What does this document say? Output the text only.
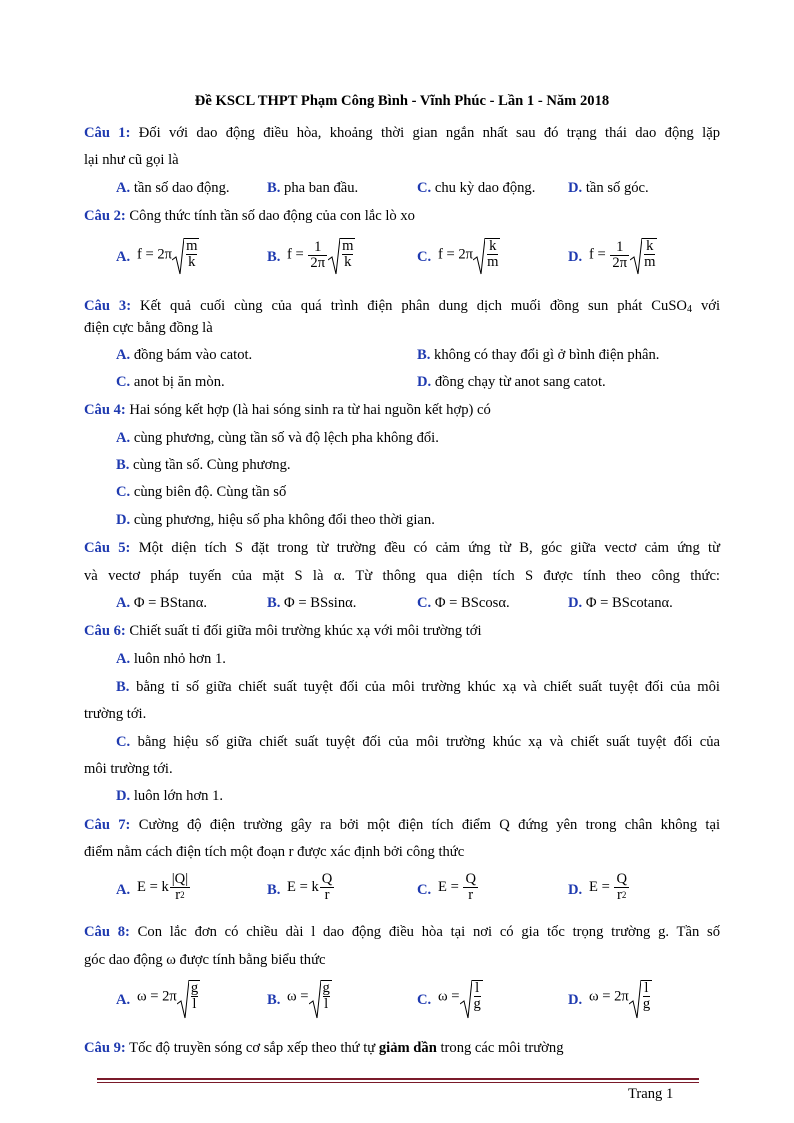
Đề KSCL THPT Phạm Công Bình - Vĩnh Phúc - Lần 1 - Năm 2018
Câu 1: Đối với dao động điều hòa, khoảng thời gian ngắn nhất sau đó trạng thái dao động lặp
lại như cũ gọi là
A. tần số dao động.	B. pha ban đầu.	C. chu kỳ dao động. D. tần số góc.
Câu 2: Công thức tính tần số dao động của con lắc lò xo
A. $f = 2\pi \frac{m}{k}$	B. $f = \frac{1}{2\pi} \frac{m}{k}$	C. $f = 2\pi \frac{k}{m}$	D. $f = \frac{1}{2\pi} \frac{k}{m}$
Câu 3: Kết quả cuối cùng của quá trình điện phân dung dịch muối đồng sun phát CuSO$_4$ với
điện cực bằng đồng là
A. đồng bám vào catot.	B. không có thay đổi gì ở bình điện phân.
C. anot bị ăn mòn.	D. đồng chạy từ anot sang catot.
Câu 4: Hai sóng kết hợp (là hai sóng sinh ra từ hai nguồn kết hợp) có
A. cùng phương, cùng tần số và độ lệch pha không đổi.
B. cùng tần số. Cùng phương.
C. cùng biên độ. Cùng tần số
D. cùng phương, hiệu số pha không đổi theo thời gian.
Câu 5: Một diện tích S đặt trong từ trường đều có cảm ứng từ B, góc giữa vectơ cảm ứng từ
và vectơ pháp tuyến của mặt S là α. Từ thông qua diện tích S được tính theo công thức:
A. Φ = BStanα.	B. Φ = BSsinα.	C. Φ = BScosα.	D. Φ = BScotanα.
Câu 6: Chiết suất tỉ đối giữa môi trường khúc xạ với môi trường tới
A. luôn nhỏ hơn 1.
B. bằng tỉ số giữa chiết suất tuyệt đối của môi trường khúc xạ và chiết suất tuyệt đối của môi
trường tới.
C. bằng hiệu số giữa chiết suất tuyệt đối của môi trường khúc xạ và chiết suất tuyệt đối của
môi trường tới.
D. luôn lớn hơn 1.
Câu 7: Cường độ điện trường gây ra bởi một điện tích điểm Q đứng yên trong chân không tại
điểm nằm cách điện tích một đoạn r được xác định bởi công thức
A. E = k $\frac{|Q|}{r^2}$	B. E = k $\frac{Q}{r}$	C. $E = \frac{Q}{r}$	D. $E = \frac{Q}{r^2}$
Câu 8: Con lắc đơn có chiều dài l dao động điều hòa tại nơi có gia tốc trọng trường g. Tần số
góc dao động ω được tính bằng biểu thức
A. $\omega = 2\pi \frac{g}{l}$	B. $\omega = \frac{g}{l}$	C. $\omega = \frac{l}{g}$	D. $\omega = 2\pi \frac{l}{g}$
Câu 9: Tốc độ truyền sóng cơ sắp xếp theo thứ tự giảm dần trong các môi trường
Trang 1
